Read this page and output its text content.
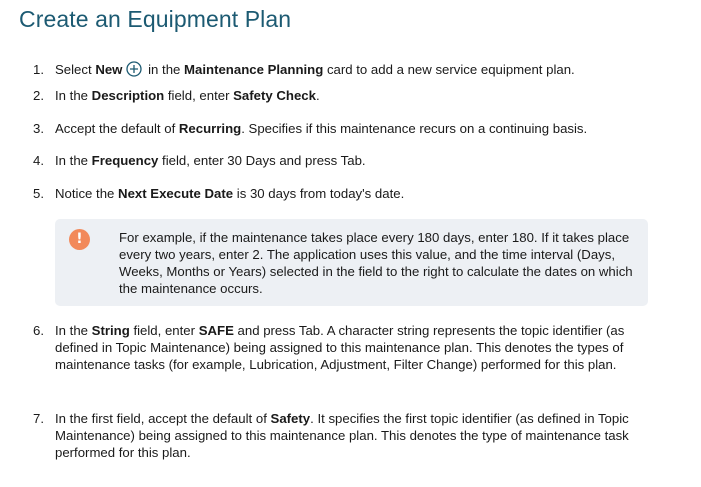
Create an Equipment Plan
1. Select New in the Maintenance Planning card to add a new service equipment plan.
2. In the Description field, enter Safety Check.
3. Accept the default of Recurring. Specifies if this maintenance recurs on a continuing basis.
4. In the Frequency field, enter 30 Days and press Tab.
5. Notice the Next Execute Date is 30 days from today's date.
!	For example, if the maintenance takes place every 180 days, enter 180. If it takes place every two years, enter 2. The application uses this value, and the time interval (Days, Weeks, Months or Years) selected in the field to the right to calculate the dates on which the maintenance occurs.
6. In the String field, enter SAFE and press Tab. A character string represents the topic identifier (as defined in Topic Maintenance) being assigned to this maintenance plan. This denotes the types of maintenance tasks (for example, Lubrication, Adjustment, Filter Change) performed for this plan.
7. In the first field, accept the default of Safety. It specifies the first topic identifier (as defined in Topic Maintenance) being assigned to this maintenance plan. This denotes the type of maintenance task performed for this plan.
